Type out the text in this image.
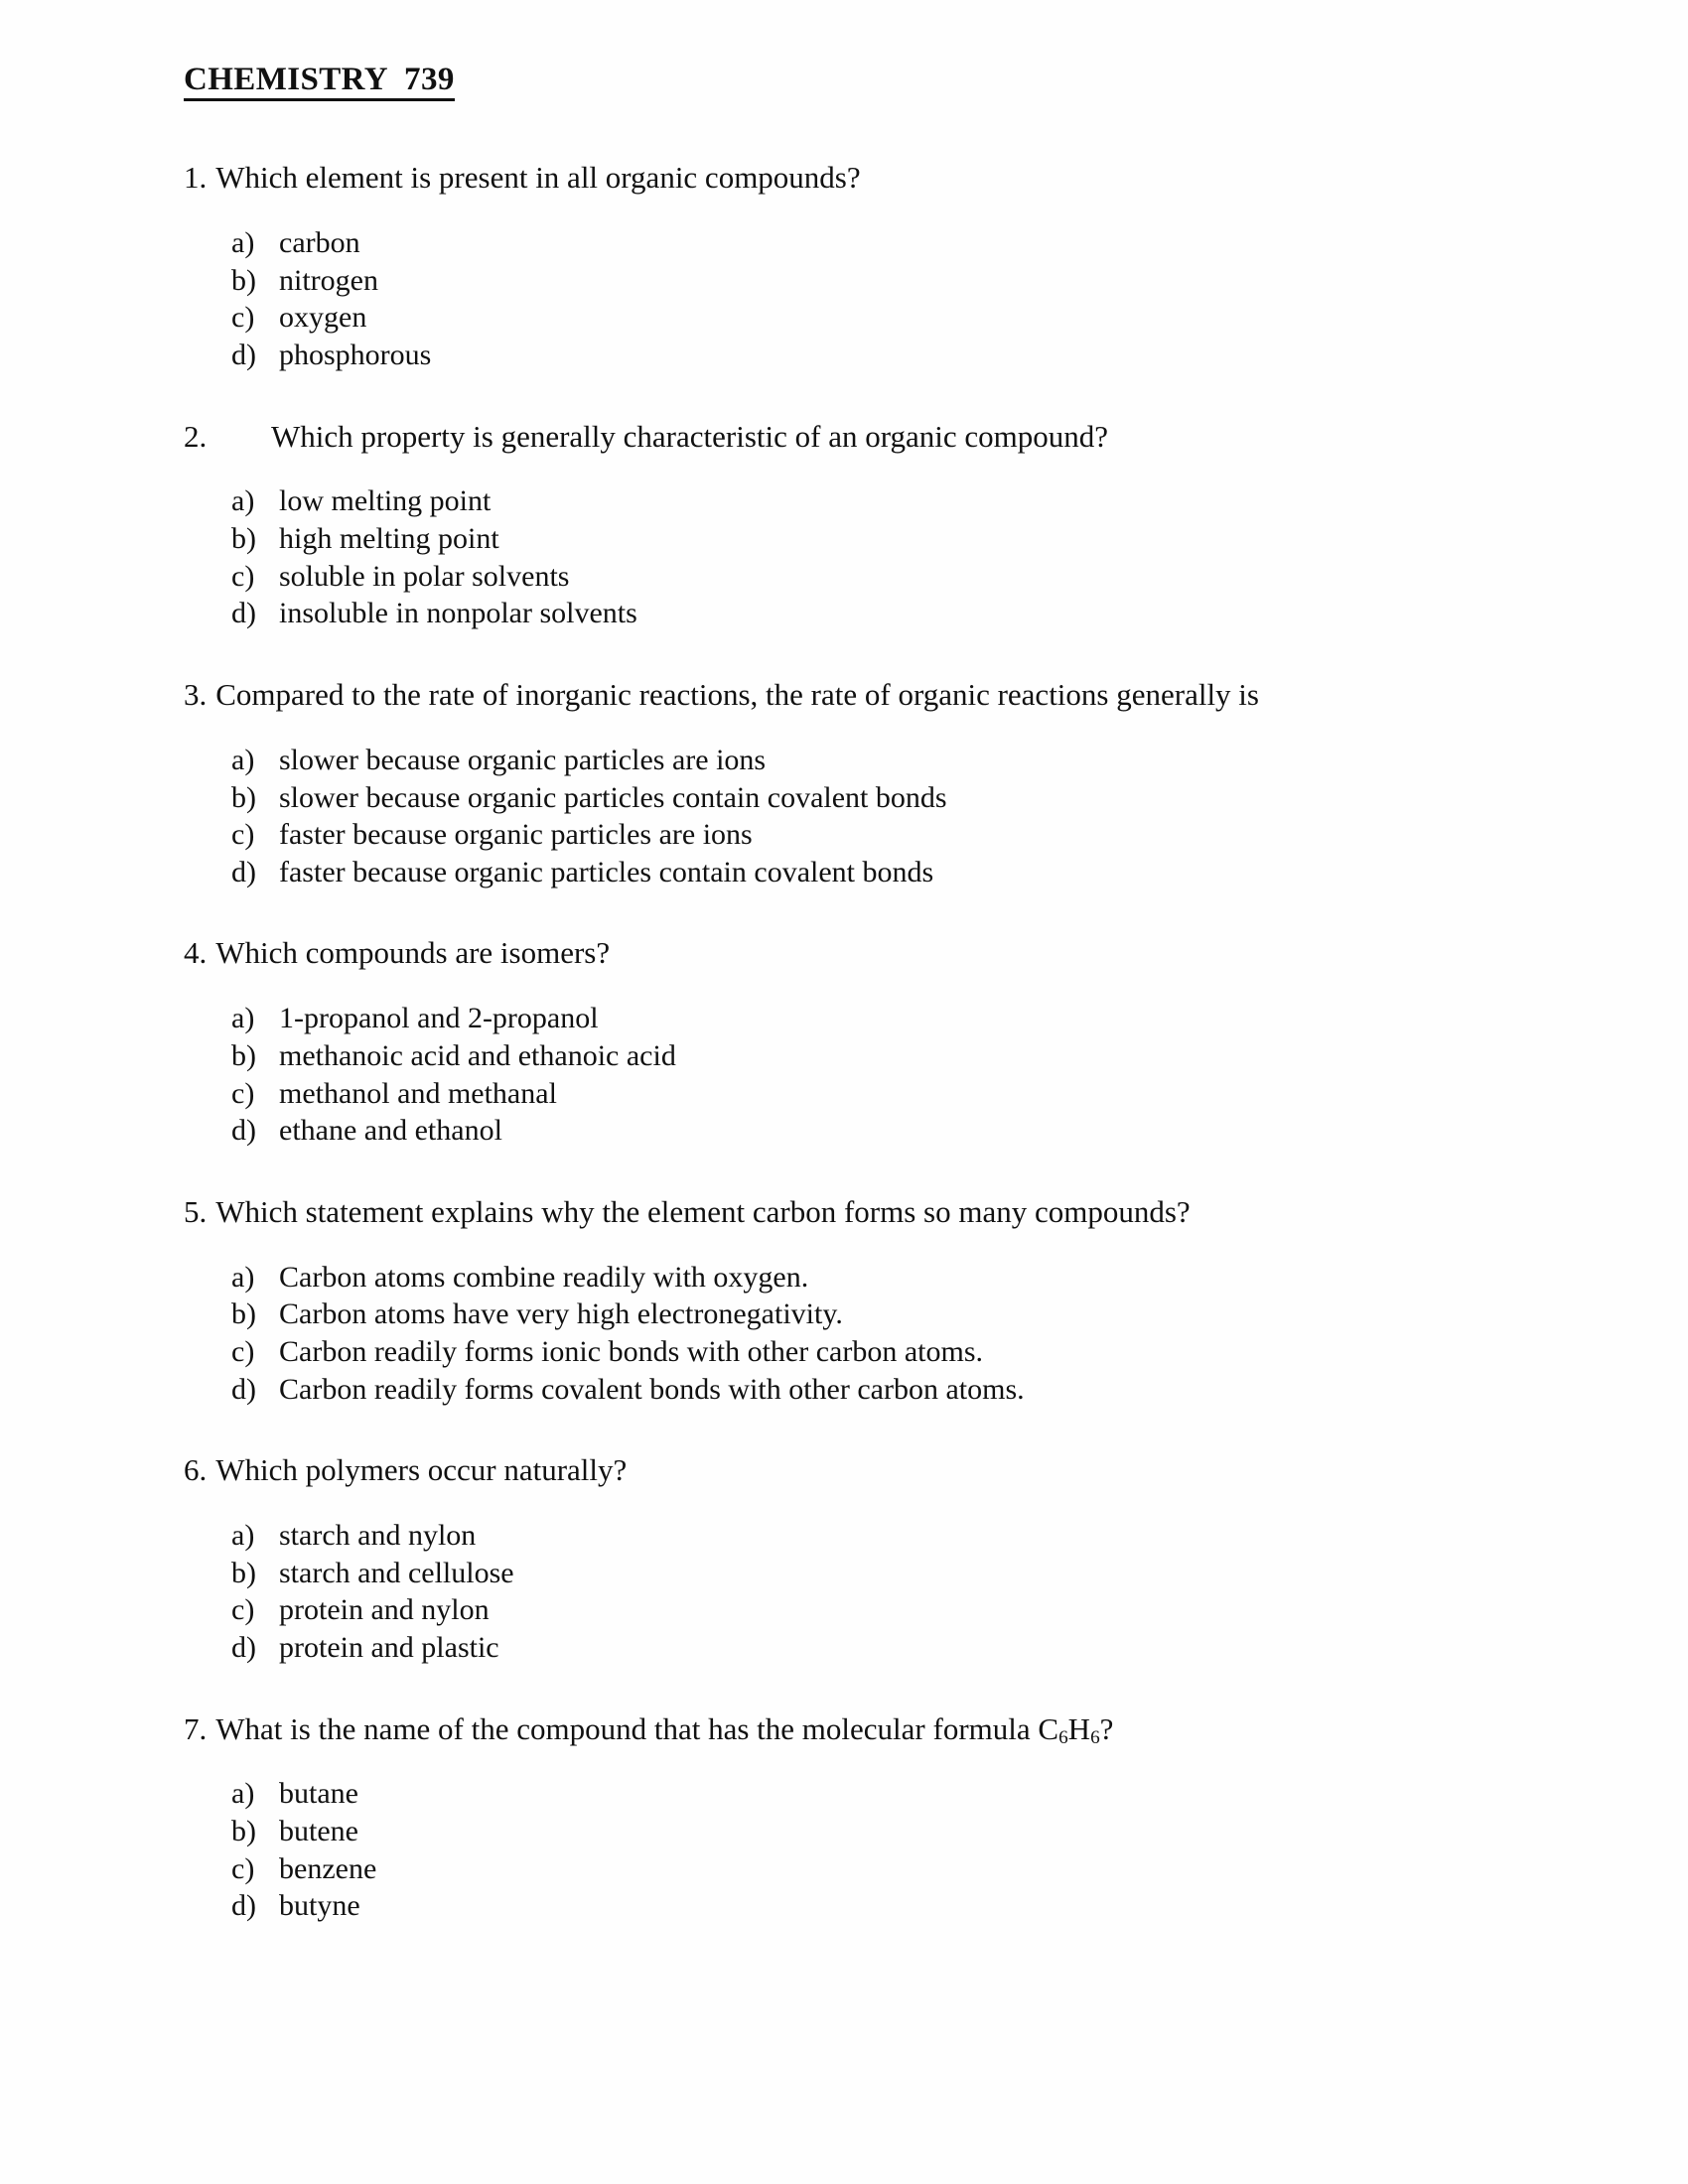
CHEMISTRY  739
1. Which element is present in all organic compounds?
a) carbon
b) nitrogen
c) oxygen
d) phosphorous
2.	Which property is generally characteristic of an organic compound?
a) low melting point
b) high melting point
c) soluble in polar solvents
d) insoluble in nonpolar solvents
3. Compared to the rate of inorganic reactions, the rate of organic reactions generally is
a) slower because organic particles are ions
b) slower because organic particles contain covalent bonds
c) faster because organic particles are ions
d) faster because organic particles contain covalent bonds
4. Which compounds are isomers?
a) 1-propanol and 2-propanol
b) methanoic acid and ethanoic acid
c) methanol and methanal
d) ethane and ethanol
5. Which statement explains why the element carbon forms so many compounds?
a) Carbon atoms combine readily with oxygen.
b) Carbon atoms have very high electronegativity.
c) Carbon readily forms ionic bonds with other carbon atoms.
d) Carbon readily forms covalent bonds with other carbon atoms.
6. Which polymers occur naturally?
a) starch and nylon
b) starch and cellulose
c) protein and nylon
d) protein and plastic
7. What is the name of the compound that has the molecular formula $C_6H_6$?
a) butane
b) butene
c) benzene
d) butyne
